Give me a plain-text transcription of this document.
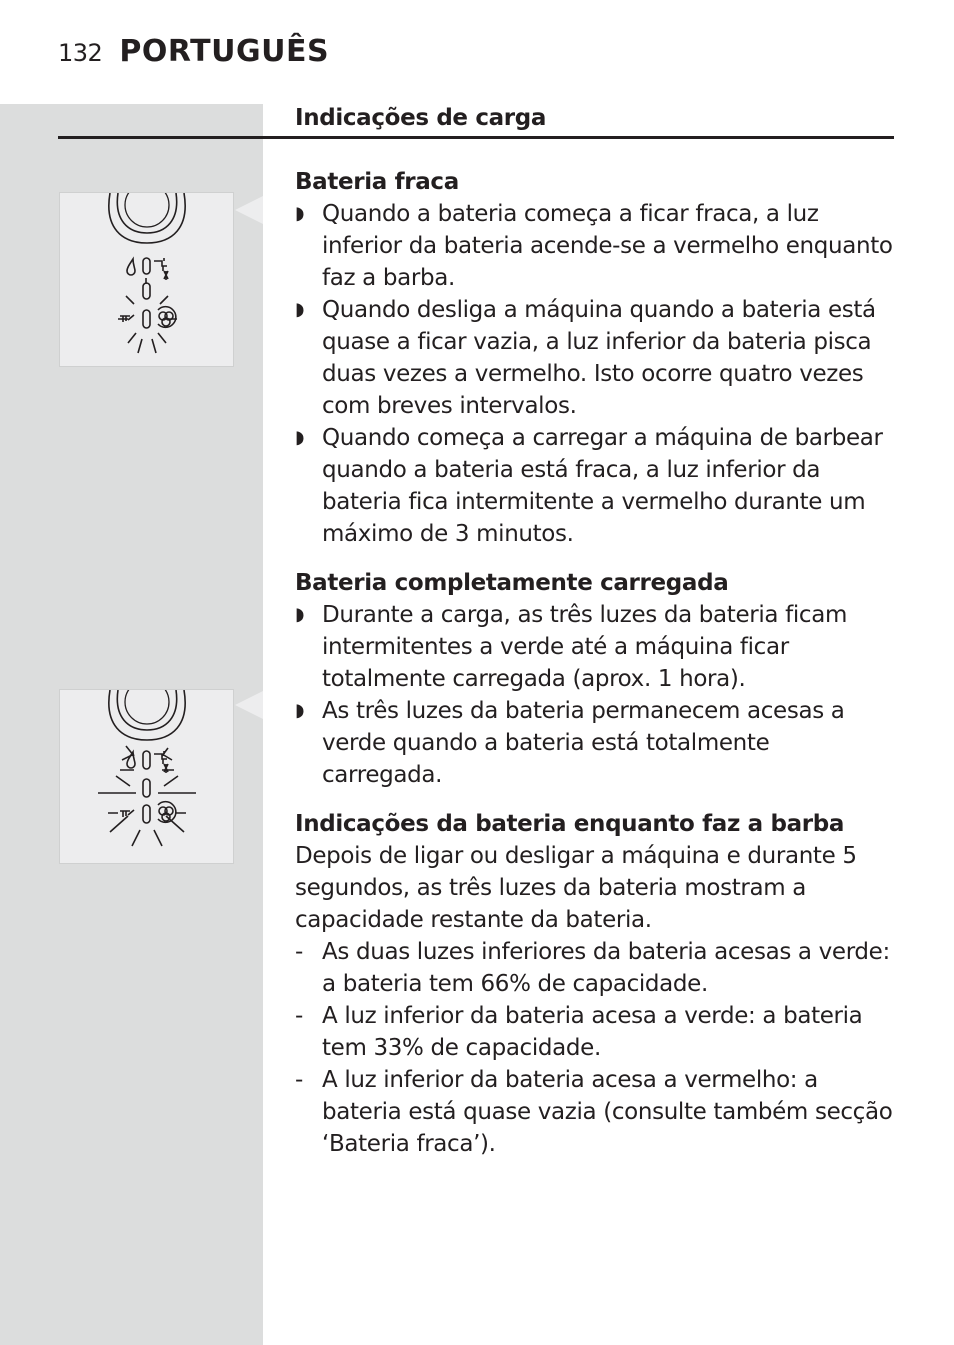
132 PORTUGUÊS
Indicações de carga
Bateria fraca
◗ Quando a bateria começa a ficar fraca, a luz inferior da bateria acende-se a vermelho enquanto faz a barba.
◗ Quando desliga a máquina quando a bateria está quase a ficar vazia, a luz inferior da bateria pisca duas vezes a vermelho. Isto ocorre quatro vezes com breves intervalos.
◗ Quando começa a carregar a máquina de barbear quando a bateria está fraca, a luz inferior da bateria fica intermitente a vermelho durante um máximo de 3 minutos.
Bateria completamente carregada
◗ Durante a carga, as três luzes da bateria ficam intermitentes a verde até a máquina ficar totalmente carregada (aprox. 1 hora).
◗ As três luzes da bateria permanecem acesas a verde quando a bateria está totalmente carregada.
Indicações da bateria enquanto faz a barba
Depois de ligar ou desligar a máquina e durante 5 segundos, as três luzes da bateria mostram a capacidade restante da bateria.
- As duas luzes inferiores da bateria acesas a verde: a bateria tem 66% de capacidade.
- A luz inferior da bateria acesa a verde: a bateria tem 33% de capacidade.
- A luz inferior da bateria acesa a vermelho: a bateria está quase vazia (consulte também secção ‘Bateria fraca’).
